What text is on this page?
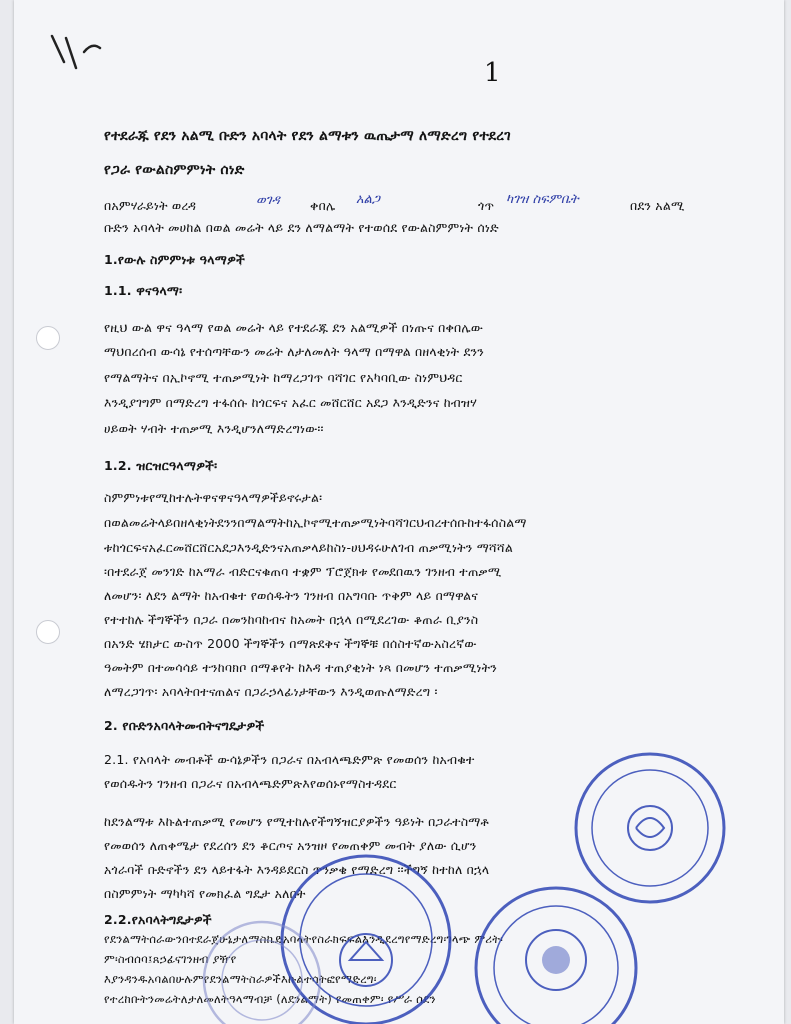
1
የተደራጁ የደን አልሚ ቡድን አባላት የደን ልማቱን ዉጤታማ ለማድረግ የተደረገ
የጋራ የውልስምምነት ሰነድ
በአምሃራይነት ወረዳ	ወገዳ ቀበሌ አልጋ	ጎጥ ካገዝ ስፍምቤት	በደን አልሚ
ቡድን አባላት መሀከል በወል መሬት ላይ ደን ለማልማት የተወሰደ የውልስምምነት ሰነድ
1.የውሉ ስምምነቱ ዓላማዎች
1.1. ዋናዓላማ፡
የዚህ ውል ዋና ዓላማ የወል መሬት ላይ የተደራጁ ደን አልሚዎች በነጡና በቀበሌው
ማህበረሰብ ውሳኔ የተሰጣቸውን መሬት ለታለመለት ዓላማ በማዋል በዘላቂነት ደንን
የማልማትና በኢኮኖሚ ተጠቃሚነት ከማረጋገጥ ባሻገር የአካባቢው ስነምህዳር
እንዲያገግም በማድረግ ተፋሰሱ ከጎርፍና አፈር መሸርሸር አደጋ እንዲድንና ከብዝሃ
ሀይወት ሃብት ተጠቃሚ እንዲሆንለማድረግነው፡፡
1.2. ዝርዝርዓላማዎች፡
ስምምነቱየሚከተሉትዋናዋናዓላማዎችይኖሩታል፡
በወልመሬትላይበዘላቂነትደንንበማልማትከኢኮኖሚተጠቃሚነትባሻገርህብረተሰቡከተፋሰስልማ
ቱከጎርፍናአፈርመሸርሸርአደጋእንዲድንናአጠቃላይከስነ-ሀህዳሩሁለገብ ጠቃሚነትን ማሻሻል
፡በተደራጀ መንገድ ከአማራ ብድርናቁጠባ ተቋም ፕሮጀክቱ የመደበዉን ገንዘብ ተጠቃሚ
ለመሆን፡ ለደን ልማት ከአብቁተ የወሰዱትን ገንዘብ በአግባቡ ጥቅም ላይ በማዋልና
የተተከሉ ችግኞችን በጋራ በመንከባከብና ከአመት በኋላ በሚደረገው ቆጠራ ቢያንስ
በአንድ ሄክታር ውስጥ 2000 ችግኞችን በማጽደቅና ችግኞቹ በሰስተኛውአስረኛው
ዓመትም በተመሳሳይ ተንከባክቦ በማቆየት ከእዳ ተጠያቂነት ነጻ በመሆን ተጠቃሚነትን
ለማረጋገጥ፡ አባላትበተናጠልና በጋራኃላፊነታቸውን እንዲወጡለማድረግ ፡
2. የቡድንአባላትመብትናግዴታዎች
2.1. የአባላት መብቶች ውሳኔዎችን በጋራና በአብላጫድምጽ የመወሰን ከአብቁተ
የወሰዱትን ገንዘብ በጋራና በአብላጫድምጽእየወሰኑየማስተዳደር
ከደንልማቱ እኩልተጠቃሚ የመሆን የሚተከሉየችግኝዝርያዎችን ዓይነት በጋራተስማቶ
የመወሰን ለጠቀሜታ የደረሰን ደን ቆርጦና አንዝዞ የመጠቀም መብት ያለው ሲሆን
አጎራባች ቡድኖችን ደን ላይተፋት እንዳይደርስ ጥንቃቄ የማድረግ ፡፡ችግኝ ከተከለ በኋላ
በስምምነት ማካካሻ የመክፈል ግዴታ አለበት
2.2.የአባላትግዴታዎች
የደንልማትሰራውንበተደራጀሁኔታለማስኬድአባላትየስራክፍፍልእንዲደረግየማድረግ፡ገላጭ ምሪት፡
ም፡ስብሰባ፤ጸኃፊናገንዘብ ያዥየ
እያንዳንዱአባልበሁሉምየደንልማትስራዎችእኩልተሳትፎየማድረግ፡
የተረከቡትንመሬትለታለመለትዓላማብቻ (ለደንልማት) የመጠቀም፡ የሥራ ሰደን
